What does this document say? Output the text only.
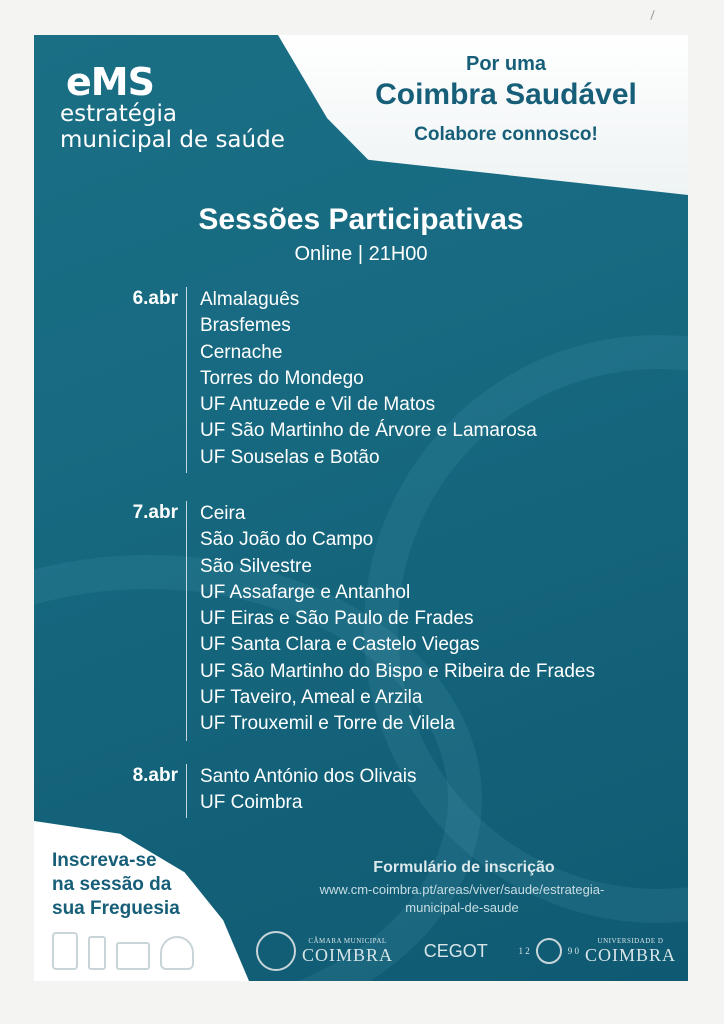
eMS
estratégia
municipal de saúde
Por uma
Coimbra Saudável
Colabore connosco!
Sessões Participativas
Online | 21H00
6.abr Almalaguês
Brasfemes
Cernache
Torres do Mondego
UF Antuzede e Vil de Matos
UF São Martinho de Árvore e Lamarosa
UF Souselas e Botão
7.abr Ceira
São João do Campo
São Silvestre
UF Assafarge e Antanhol
UF Eiras e São Paulo de Frades
UF Santa Clara e Castelo Viegas
UF São Martinho do Bispo e Ribeira de Frades
UF Taveiro, Ameal e Arzila
UF Trouxemil e Torre de Vilela
8.abr Santo António dos Olivais
UF Coimbra
Inscreva-se
na sessão da
sua Freguesia
Formulário de inscrição
www.cm-coimbra.pt/areas/viver/saude/estrategia-
municipal-de-saude
CÂMARA MUNICIPAL
COIMBRA CEGOT	1 2	9 0
UNIVERSIDADE D
COIMBRA
